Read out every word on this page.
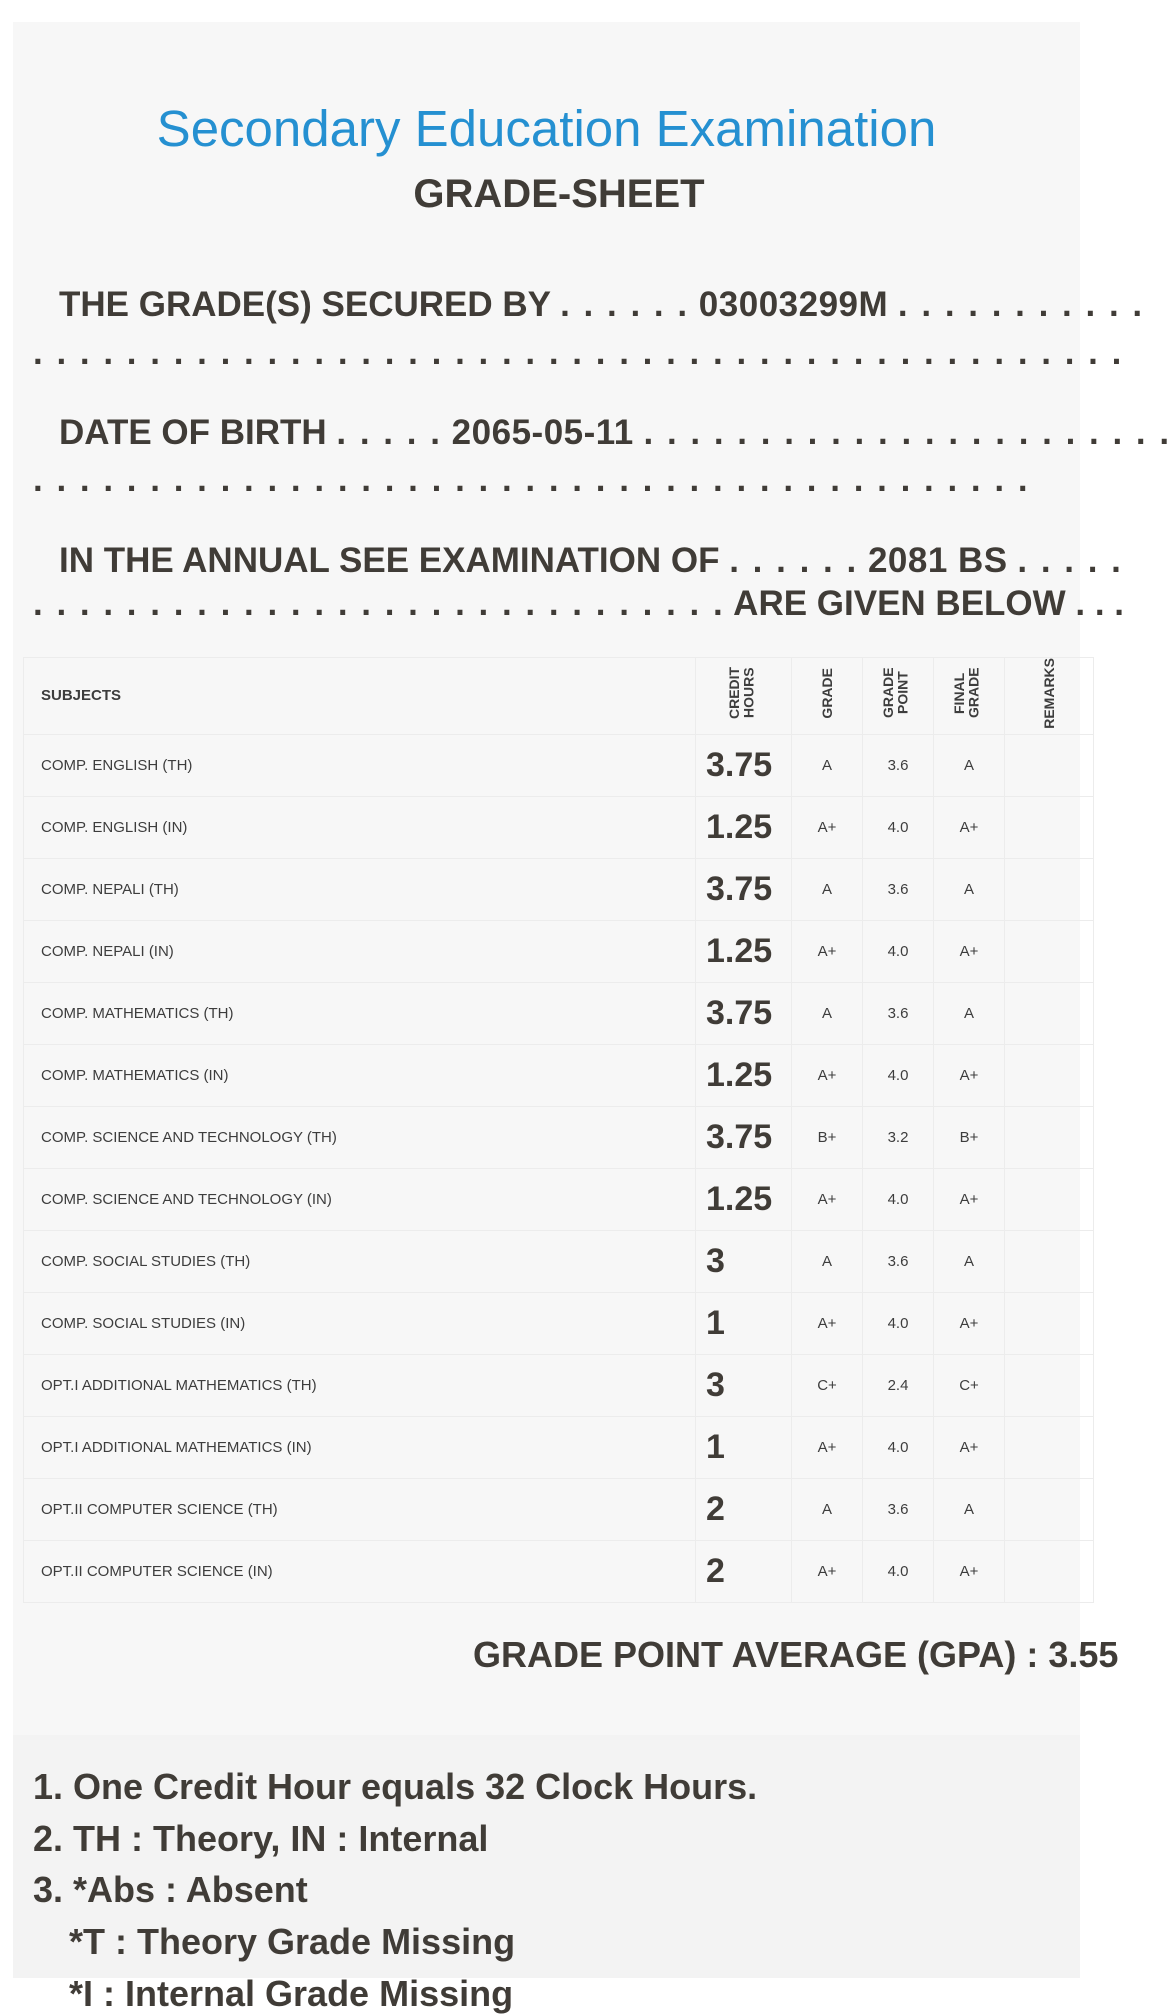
Secondary Education Examination
GRADE-SHEET
THE GRADE(S) SECURED BY . . . . . . 03003299M . . . . . . . . . . .
. . . . . . . . . . . . . . . . . . . . . . . . . . . . . . . . . . . . . . . . . . . . . . .
DATE OF BIRTH . . . . . 2065-05-11 . . . . . . . . . . . . . . . . . . . . . . .
. . . . . . . . . . . . . . . . . . . . . . . . . . . . . . . . . . . . . . . . . . .
IN THE ANNUAL SEE EXAMINATION OF . . . . . . 2081 BS . . . . .
. . . . . . . . . . . . . . . . . . . . . . . . . . . . . . ARE GIVEN BELOW . . .
SUBJECTS	CREDIT HOURS	GRADE	GRADE POINT	FINAL GRADE	REMARKS
COMP. ENGLISH (TH)	3.75	A	3.6	A	
COMP. ENGLISH (IN)	1.25	A+	4.0	A+	
COMP. NEPALI (TH)	3.75	A	3.6	A	
COMP. NEPALI (IN)	1.25	A+	4.0	A+	
COMP. MATHEMATICS (TH)	3.75	A	3.6	A	
COMP. MATHEMATICS (IN)	1.25	A+	4.0	A+	
COMP. SCIENCE AND TECHNOLOGY (TH)	3.75	B+	3.2	B+	
COMP. SCIENCE AND TECHNOLOGY (IN)	1.25	A+	4.0	A+	
COMP. SOCIAL STUDIES (TH)	3	A	3.6	A	
COMP. SOCIAL STUDIES (IN)	1	A+	4.0	A+	
OPT.I ADDITIONAL MATHEMATICS (TH)	3	C+	2.4	C+	
OPT.I ADDITIONAL MATHEMATICS (IN)	1	A+	4.0	A+	
OPT.II COMPUTER SCIENCE (TH)	2	A	3.6	A	
OPT.II COMPUTER SCIENCE (IN)	2	A+	4.0	A+	
GRADE POINT AVERAGE (GPA) : 3.55
1. One Credit Hour equals 32 Clock Hours.
2. TH : Theory, IN : Internal
3. *Abs : Absent
*T : Theory Grade Missing
*I : Internal Grade Missing
